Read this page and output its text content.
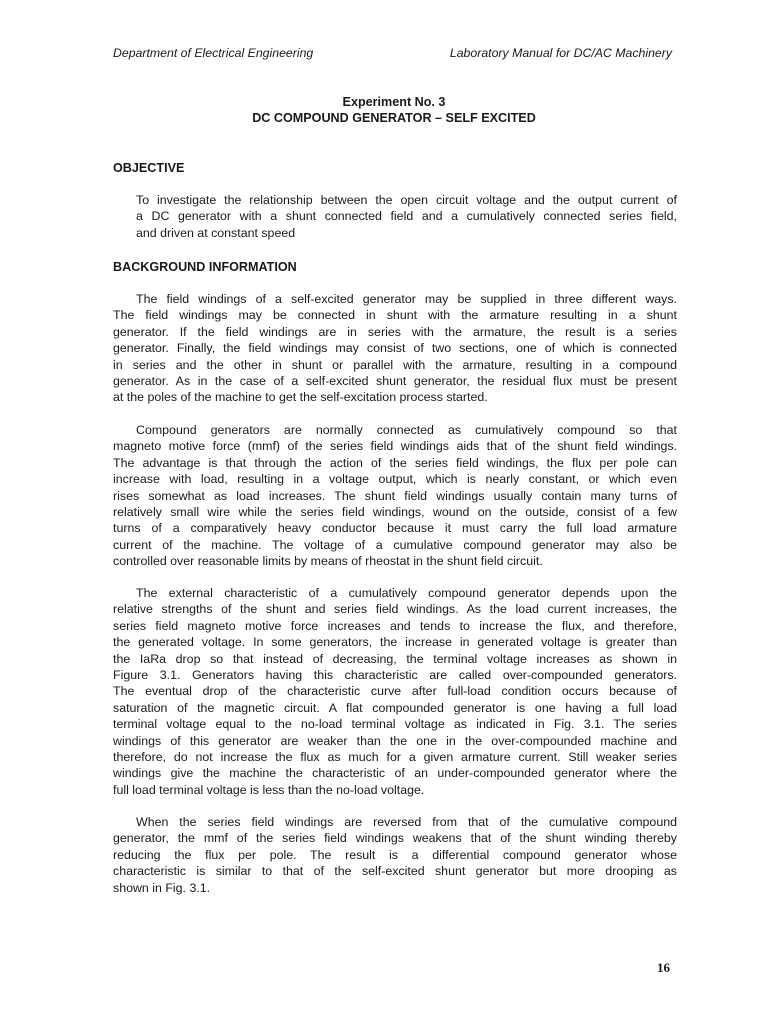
Department of Electrical Engineering	Laboratory Manual for DC/AC Machinery
Experiment No. 3
DC COMPOUND GENERATOR – SELF EXCITED
OBJECTIVE
To investigate the relationship between the open circuit voltage and the output current of
a DC generator with a shunt connected field and a cumulatively connected series field,
and driven at constant speed
BACKGROUND INFORMATION
The field windings of a self-excited generator may be supplied in three different ways.
The field windings may be connected in shunt with the armature resulting in a shunt
generator. If the field windings are in series with the armature, the result is a series
generator. Finally, the field windings may consist of two sections, one of which is connected
in series and the other in shunt or parallel with the armature, resulting in a compound
generator. As in the case of a self-excited shunt generator, the residual flux must be present
at the poles of the machine to get the self-excitation process started.
Compound generators are normally connected as cumulatively compound so that
magneto motive force (mmf) of the series field windings aids that of the shunt field windings.
The advantage is that through the action of the series field windings, the flux per pole can
increase with load, resulting in a voltage output, which is nearly constant, or which even
rises somewhat as load increases. The shunt field windings usually contain many turns of
relatively small wire while the series field windings, wound on the outside, consist of a few
turns of a comparatively heavy conductor because it must carry the full load armature
current of the machine. The voltage of a cumulative compound generator may also be
controlled over reasonable limits by means of rheostat in the shunt field circuit.
The external characteristic of a cumulatively compound generator depends upon the
relative strengths of the shunt and series field windings. As the load current increases, the
series field magneto motive force increases and tends to increase the flux, and therefore,
the generated voltage. In some generators, the increase in generated voltage is greater than
the IaRa drop so that instead of decreasing, the terminal voltage increases as shown in
Figure 3.1. Generators having this characteristic are called over-compounded generators.
The eventual drop of the characteristic curve after full-load condition occurs because of
saturation of the magnetic circuit. A flat compounded generator is one having a full load
terminal voltage equal to the no-load terminal voltage as indicated in Fig. 3.1. The series
windings of this generator are weaker than the one in the over-compounded machine and
therefore, do not increase the flux as much for a given armature current. Still weaker series
windings give the machine the characteristic of an under-compounded generator where the
full load terminal voltage is less than the no-load voltage.
When the series field windings are reversed from that of the cumulative compound
generator, the mmf of the series field windings weakens that of the shunt winding thereby
reducing the flux per pole. The result is a differential compound generator whose
characteristic is similar to that of the self-excited shunt generator but more drooping as
shown in Fig. 3.1.
16
